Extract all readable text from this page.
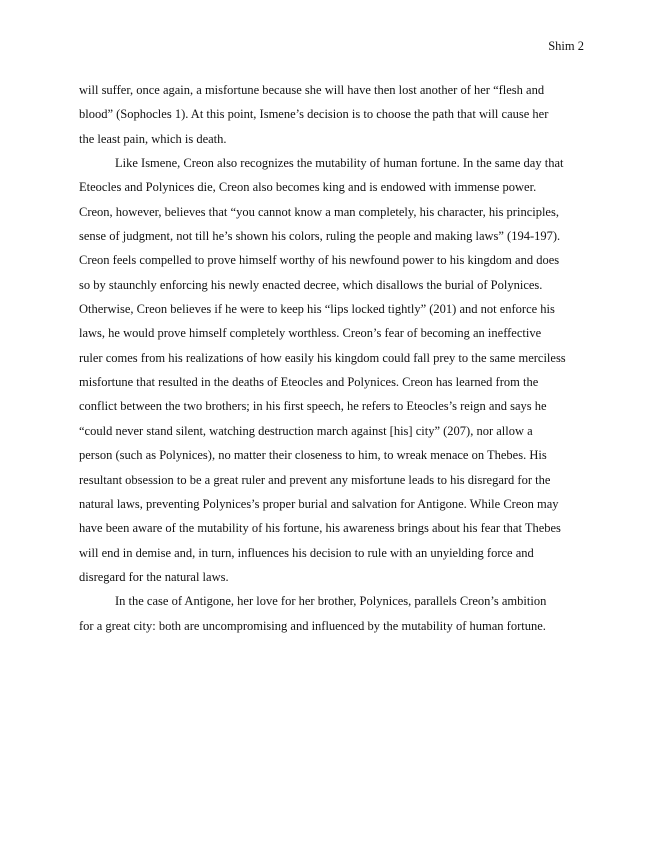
Shim 2
will suffer, once again, a misfortune because she will have then lost another of her “flesh and
blood” (Sophocles 1). At this point, Ismene’s decision is to choose the path that will cause her
the least pain, which is death.
Like Ismene, Creon also recognizes the mutability of human fortune. In the same day that
Eteocles and Polynices die, Creon also becomes king and is endowed with immense power.
Creon, however, believes that “you cannot know a man completely, his character, his principles,
sense of judgment, not till he’s shown his colors, ruling the people and making laws” (194-197).
Creon feels compelled to prove himself worthy of his newfound power to his kingdom and does
so by staunchly enforcing his newly enacted decree, which disallows the burial of Polynices.
Otherwise, Creon believes if he were to keep his “lips locked tightly” (201) and not enforce his
laws, he would prove himself completely worthless. Creon’s fear of becoming an ineffective
ruler comes from his realizations of how easily his kingdom could fall prey to the same merciless
misfortune that resulted in the deaths of Eteocles and Polynices. Creon has learned from the
conflict between the two brothers; in his first speech, he refers to Eteocles’s reign and says he
“could never stand silent, watching destruction march against [his] city” (207), nor allow a
person (such as Polynices), no matter their closeness to him, to wreak menace on Thebes. His
resultant obsession to be a great ruler and prevent any misfortune leads to his disregard for the
natural laws, preventing Polynices’s proper burial and salvation for Antigone. While Creon may
have been aware of the mutability of his fortune, his awareness brings about his fear that Thebes
will end in demise and, in turn, influences his decision to rule with an unyielding force and
disregard for the natural laws.
In the case of Antigone, her love for her brother, Polynices, parallels Creon’s ambition
for a great city: both are uncompromising and influenced by the mutability of human fortune.
